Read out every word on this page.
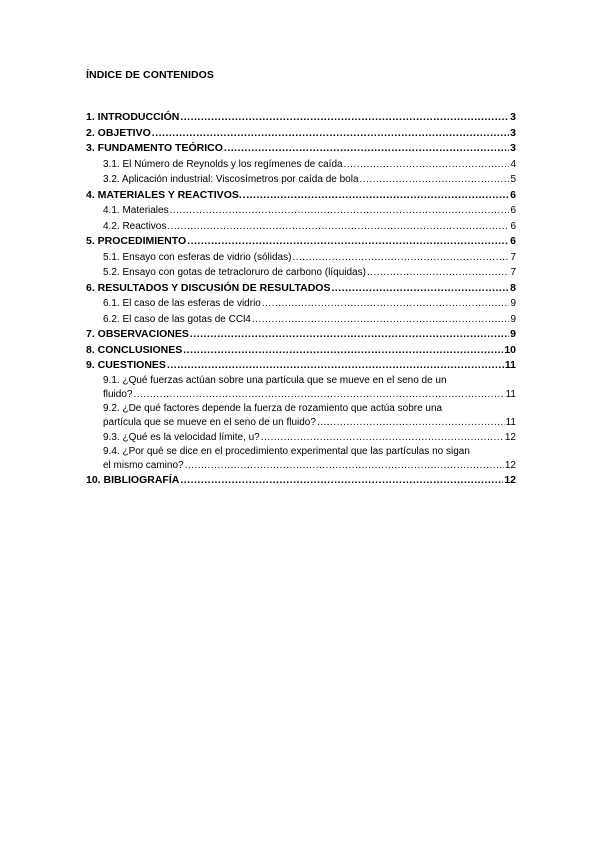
ÍNDICE DE CONTENIDOS
1. INTRODUCCIÓN .....	3
2. OBJETIVO .....	3
3. FUNDAMENTO TEÓRICO .....	3
3.1. El Número de Reynolds y los regímenes de caída .....	4
3.2. Aplicación industrial: Viscosímetros por caída de bola .....	5
4. MATERIALES Y REACTIVOS. .....	6
4.1. Materiales .....	6
4.2. Reactivos .....	6
5. PROCEDIMIENTO .....	6
5.1. Ensayo con esferas de vidrio (sólidas) .....	7
5.2. Ensayo con gotas de tetracloruro de carbono (líquidas) .....	7
6. RESULTADOS Y DISCUSIÓN DE RESULTADOS .....	8
6.1. El caso de las esferas de vidrio .....	9
6.2. El caso de las gotas de CCl4 .....	9
7. OBSERVACIONES .....	9
8. CONCLUSIONES .....	10
9. CUESTIONES .....	11
9.1. ¿Qué fuerzas actúan sobre una partícula que se mueve en el seno de un
fluido? .....	11
9.2. ¿De qué factores depende la fuerza de rozamiento que actúa sobre una
partícula que se mueve en el seno de un fluido? .....	11
9.3. ¿Qué es la velocidad límite, u? .....	12
9.4. ¿Por qué se dice en el procedimiento experimental que las partículas no sigan
el mismo camino? .....	12
10. BIBLIOGRAFÍA .....	12
